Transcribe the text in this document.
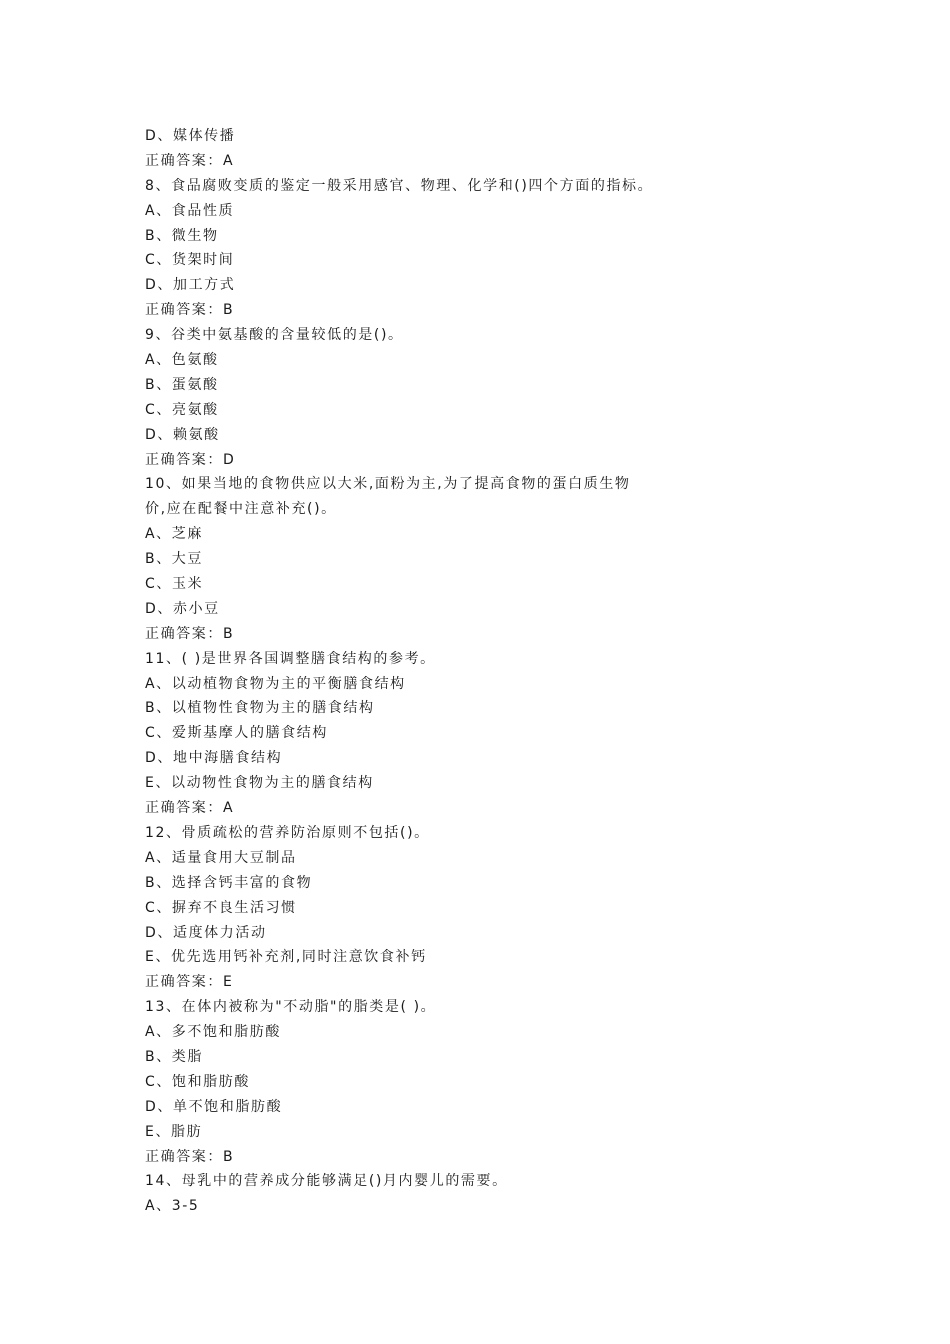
D、媒体传播
正确答案：A
8、食品腐败变质的鉴定一般采用感官、物理、化学和()四个方面的指标。
A、食品性质
B、微生物
C、货架时间
D、加工方式
正确答案：B
9、谷类中氨基酸的含量较低的是()。
A、色氨酸
B、蛋氨酸
C、亮氨酸
D、赖氨酸
正确答案：D
10、如果当地的食物供应以大米,面粉为主,为了提高食物的蛋白质生物
价,应在配餐中注意补充()。
A、芝麻
B、大豆
C、玉米
D、赤小豆
正确答案：B
11、( )是世界各国调整膳食结构的参考。
A、以动植物食物为主的平衡膳食结构
B、以植物性食物为主的膳食结构
C、爱斯基摩人的膳食结构
D、地中海膳食结构
E、以动物性食物为主的膳食结构
正确答案：A
12、骨质疏松的营养防治原则不包括()。
A、适量食用大豆制品
B、选择含钙丰富的食物
C、摒弃不良生活习惯
D、适度体力活动
E、优先选用钙补充剂,同时注意饮食补钙
正确答案：E
13、在体内被称为"不动脂"的脂类是( )。
A、多不饱和脂肪酸
B、类脂
C、饱和脂肪酸
D、单不饱和脂肪酸
E、脂肪
正确答案：B
14、母乳中的营养成分能够满足()月内婴儿的需要。
A、3-5
